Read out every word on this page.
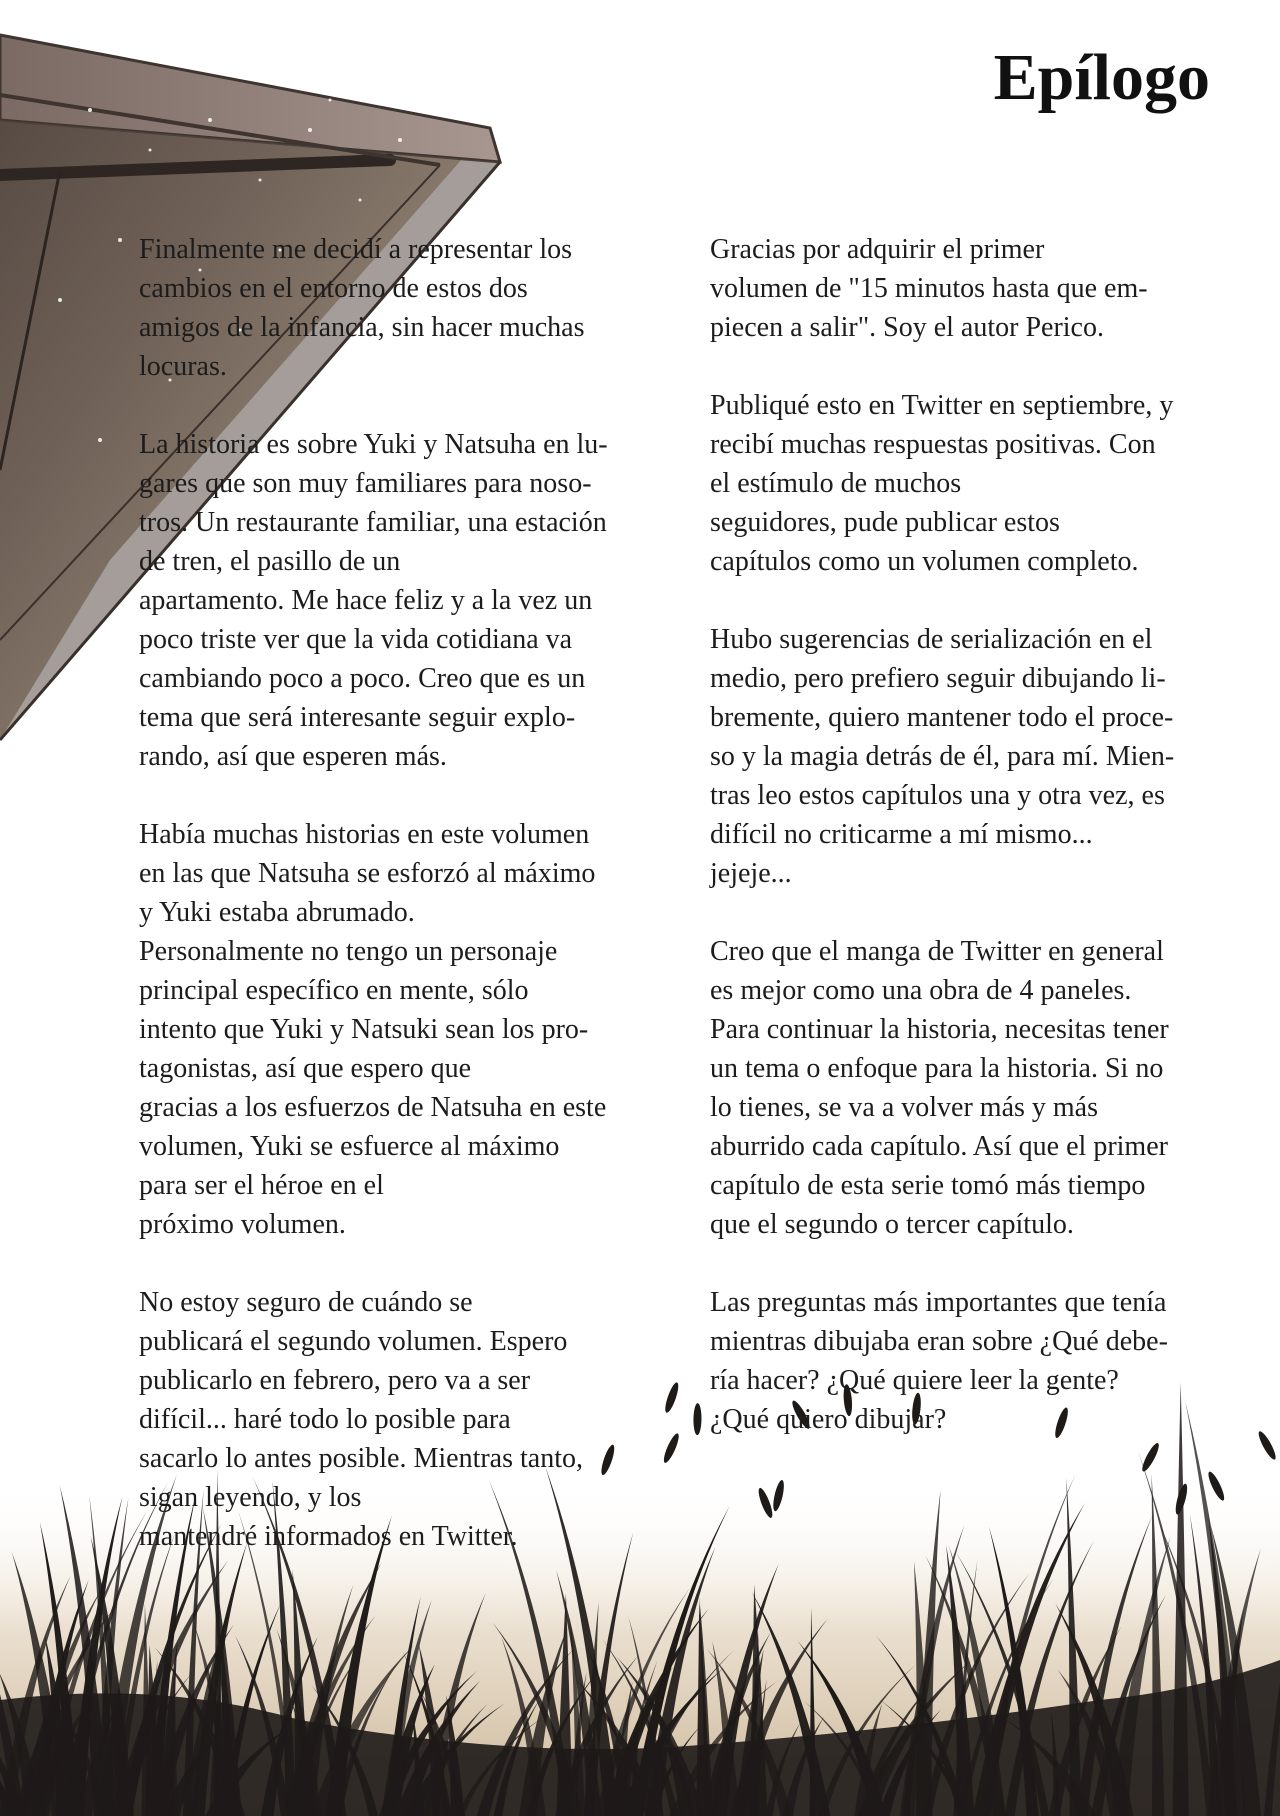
Epílogo

Finalmente me decidí a representar los
cambios en el entorno de estos dos
amigos de la infancia, sin hacer muchas
locuras.

La historia es sobre Yuki y Natsuha en lu-
gares que son muy familiares para noso-
tros. Un restaurante familiar, una estación
de tren, el pasillo de un
apartamento. Me hace feliz y a la vez un
poco triste ver que la vida cotidiana va
cambiando poco a poco. Creo que es un
tema que será interesante seguir explo-
rando, así que esperen más.

Había muchas historias en este volumen
en las que Natsuha se esforzó al máximo
y Yuki estaba abrumado.
Personalmente no tengo un personaje
principal específico en mente, sólo
intento que Yuki y Natsuki sean los pro-
tagonistas, así que espero que
gracias a los esfuerzos de Natsuha en este
volumen, Yuki se esfuerce al máximo
para ser el héroe en el
próximo volumen.

No estoy seguro de cuándo se
publicará el segundo volumen. Espero
publicarlo en febrero, pero va a ser
difícil... haré todo lo posible para
sacarlo lo antes posible. Mientras tanto,
sigan leyendo, y los
mantendré informados en Twitter.

Gracias por adquirir el primer
volumen de "15 minutos hasta que em-
piecen a salir". Soy el autor Perico.

Publiqué esto en Twitter en septiembre, y
recibí muchas respuestas positivas. Con
el estímulo de muchos
seguidores, pude publicar estos
capítulos como un volumen completo.

Hubo sugerencias de serialización en el
medio, pero prefiero seguir dibujando li-
bremente, quiero mantener todo el proce-
so y la magia detrás de él, para mí. Mien-
tras leo estos capítulos una y otra vez, es
difícil no criticarme a mí mismo...
jejeje...

Creo que el manga de Twitter en general
es mejor como una obra de 4 paneles.
Para continuar la historia, necesitas tener
un tema o enfoque para la historia. Si no
lo tienes, se va a volver más y más
aburrido cada capítulo. Así que el primer
capítulo de esta serie tomó más tiempo
que el segundo o tercer capítulo.

Las preguntas más importantes que tenía
mientras dibujaba eran sobre ¿Qué debe-
ría hacer? ¿Qué quiere leer la gente?
¿Qué quiero dibujar?
